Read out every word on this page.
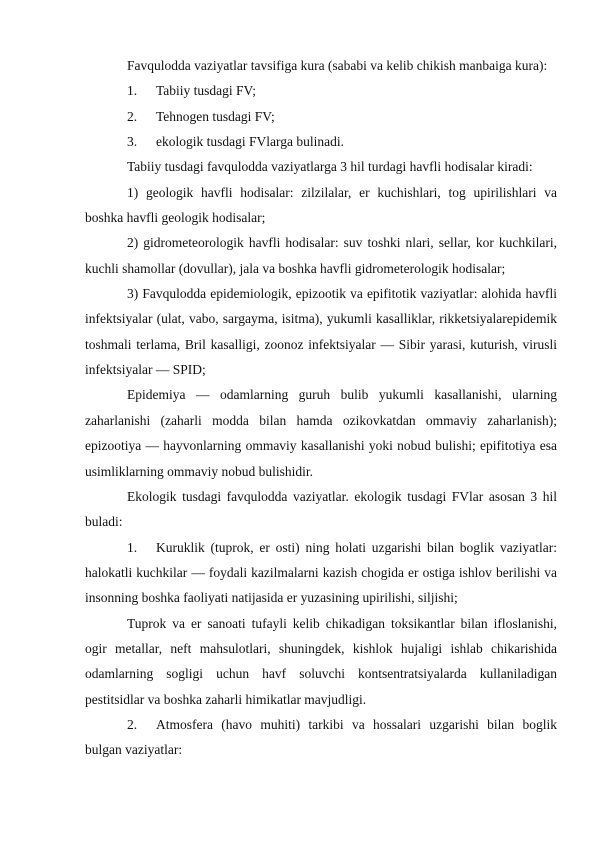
Favqulodda vaziyatlar tavsifiga kura (sababi va kelib chikish manbaiga kura):

1.	Tabiiy tusdagi FV;
2.	Tehnogen tusdagi FV;
3.	ekologik tusdagi FVlarga bulinadi.

Tabiiy tusdagi favqulodda vaziyatlarga 3 hil turdagi havfli hodisalar kiradi:

1) geologik havfli hodisalar: zilzilalar, er kuchishlari, tog upirilishlari va boshka havfli geologik hodisalar;

2) gidrometeorologik havfli hodisalar: suv toshki nlari, sellar, kor kuchkilari, kuchli shamollar (dovullar), jala va boshka havfli gidrometerologik hodisalar;

3) Favqulodda epidemiologik, epizootik va epifitotik vaziyatlar: alohida havfli infektsiyalar (ulat, vabo, sargayma, isitma), yukumli kasalliklar, rikketsiyalarepidemik toshmali terlama, Bril kasalligi, zoonoz infektsiyalar — Sibir yarasi, kuturish, virusli infektsiyalar — SPID;

Epidemiya — odamlarning guruh bulib yukumli kasallanishi, ularning zaharlanishi (zaharli modda bilan hamda ozikovkatdan ommaviy zaharlanish); epizootiya — hayvonlarning ommaviy kasallanishi yoki nobud bulishi; epifitotiya esa usimliklarning ommaviy nobud bulishidir.

Ekologik tusdagi favqulodda vaziyatlar. ekologik tusdagi FVlar asosan 3 hil buladi:

1. Kuruklik (tuprok, er osti) ning holati uzgarishi bilan boglik vaziyatlar: halokatli kuchkilar — foydali kazilmalarni kazish chogida er ostiga ishlov berilishi va insonning boshka faoliyati natijasida er yuzasining upirilishi, siljishi;

Tuprok va er sanoati tufayli kelib chikadigan toksikantlar bilan ifloslanishi, ogir metallar, neft mahsulotlari, shuningdek, kishlok hujaligi ishlab chikarishida odamlarning sogligi uchun havf soluvchi kontsentratsiyalarda kullaniladigan pestitsidlar va boshka zaharli himikatlar mavjudligi.

2. Atmosfera (havo muhiti) tarkibi va hossalari uzgarishi bilan boglik bulgan vaziyatlar:
